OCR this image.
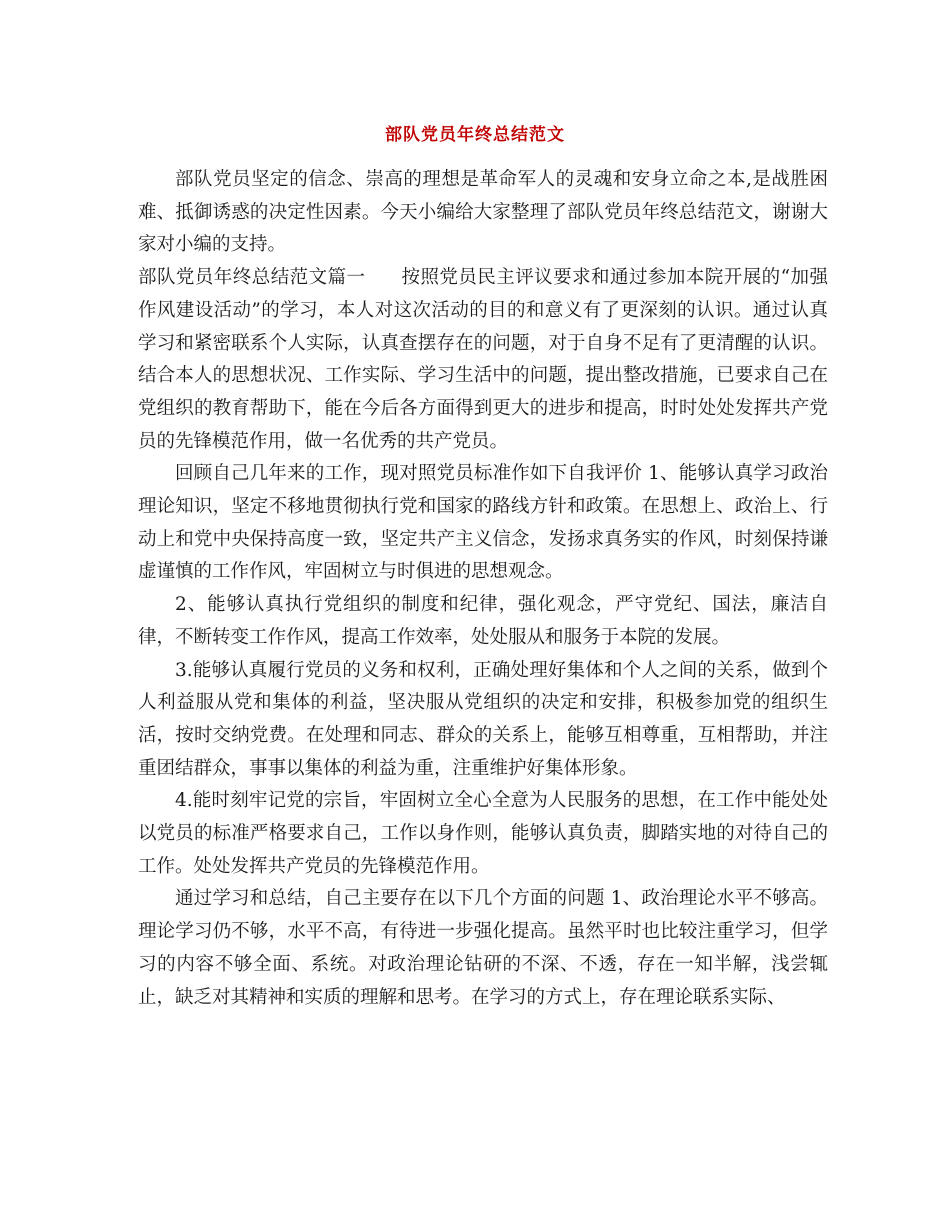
部队党员年终总结范文

部队党员坚定的信念、崇高的理想是革命军人的灵魂和安身立命之本,是战胜困难、抵御诱惑的决定性因素。今天小编给大家整理了部队党员年终总结范文，谢谢大家对小编的支持。

部队党员年终总结范文篇一 按照党员民主评议要求和通过参加本院开展的“加强作风建设活动”的学习，本人对这次活动的目的和意义有了更深刻的认识。通过认真学习和紧密联系个人实际，认真查摆存在的问题，对于自身不足有了更清醒的认识。结合本人的思想状况、工作实际、学习生活中的问题，提出整改措施，已要求自己在党组织的教育帮助下，能在今后各方面得到更大的进步和提高，时时处处发挥共产党员的先锋模范作用，做一名优秀的共产党员。

回顾自己几年来的工作，现对照党员标准作如下自我评价 1、能够认真学习政治理论知识，坚定不移地贯彻执行党和国家的路线方针和政策。在思想上、政治上、行动上和党中央保持高度一致，坚定共产主义信念，发扬求真务实的作风，时刻保持谦虚谨慎的工作作风，牢固树立与时俱进的思想观念。

2、能够认真执行党组织的制度和纪律，强化观念，严守党纪、国法，廉洁自律，不断转变工作作风，提高工作效率，处处服从和服务于本院的发展。

3.能够认真履行党员的义务和权利，正确处理好集体和个人之间的关系，做到个人利益服从党和集体的利益，坚决服从党组织的决定和安排，积极参加党的组织生活，按时交纳党费。在处理和同志、群众的关系上，能够互相尊重，互相帮助，并注重团结群众，事事以集体的利益为重，注重维护好集体形象。

4.能时刻牢记党的宗旨，牢固树立全心全意为人民服务的思想，在工作中能处处以党员的标准严格要求自己，工作以身作则，能够认真负责，脚踏实地的对待自己的工作。处处发挥共产党员的先锋模范作用。

通过学习和总结，自己主要存在以下几个方面的问题 1、政治理论水平不够高。理论学习仍不够，水平不高，有待进一步强化提高。虽然平时也比较注重学习，但学习的内容不够全面、系统。对政治理论钻研的不深、不透，存在一知半解，浅尝辄止，缺乏对其精神和实质的理解和思考。在学习的方式上，存在理论联系实际、
